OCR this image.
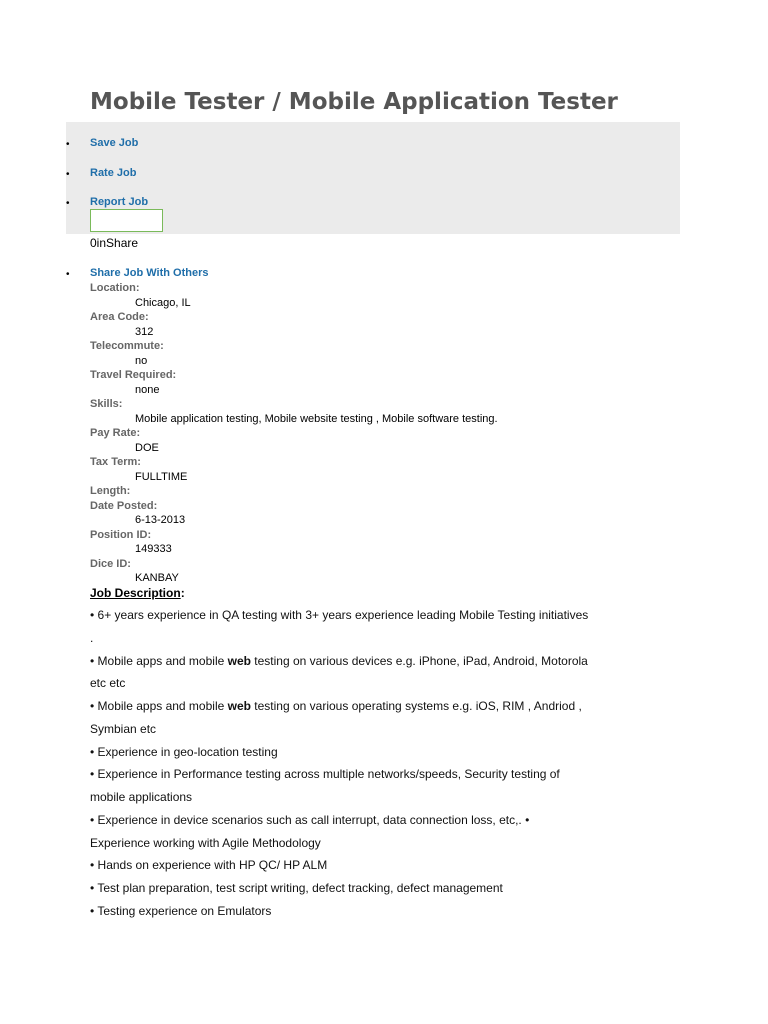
Mobile Tester / Mobile Application Tester
• Save Job
• Rate Job
• Report Job
Apply Now
0inShare
• Share Job With Others
Location:
Chicago, IL
Area Code:
312
Telecommute:
no
Travel Required:
none
Skills:
Mobile application testing, Mobile website testing , Mobile software testing.
Pay Rate:
DOE
Tax Term:
FULLTIME
Length:
Date Posted:
6-13-2013
Position ID:
149333
Dice ID:
KANBAY
Job Description:

• 6+ years experience in QA testing with 3+ years experience leading Mobile Testing initiatives .

• Mobile apps and mobile web testing on various devices e.g. iPhone, iPad, Android, Motorola etc etc

• Mobile apps and mobile web testing on various operating systems e.g. iOS, RIM , Andriod , Symbian etc

• Experience in geo-location testing

• Experience in Performance testing across multiple networks/speeds, Security testing of mobile applications

• Experience in device scenarios such as call interrupt, data connection loss, etc,. • Experience working with Agile Methodology

• Hands on experience with HP QC/ HP ALM

• Test plan preparation, test script writing, defect tracking, defect management

• Testing experience on Emulators
